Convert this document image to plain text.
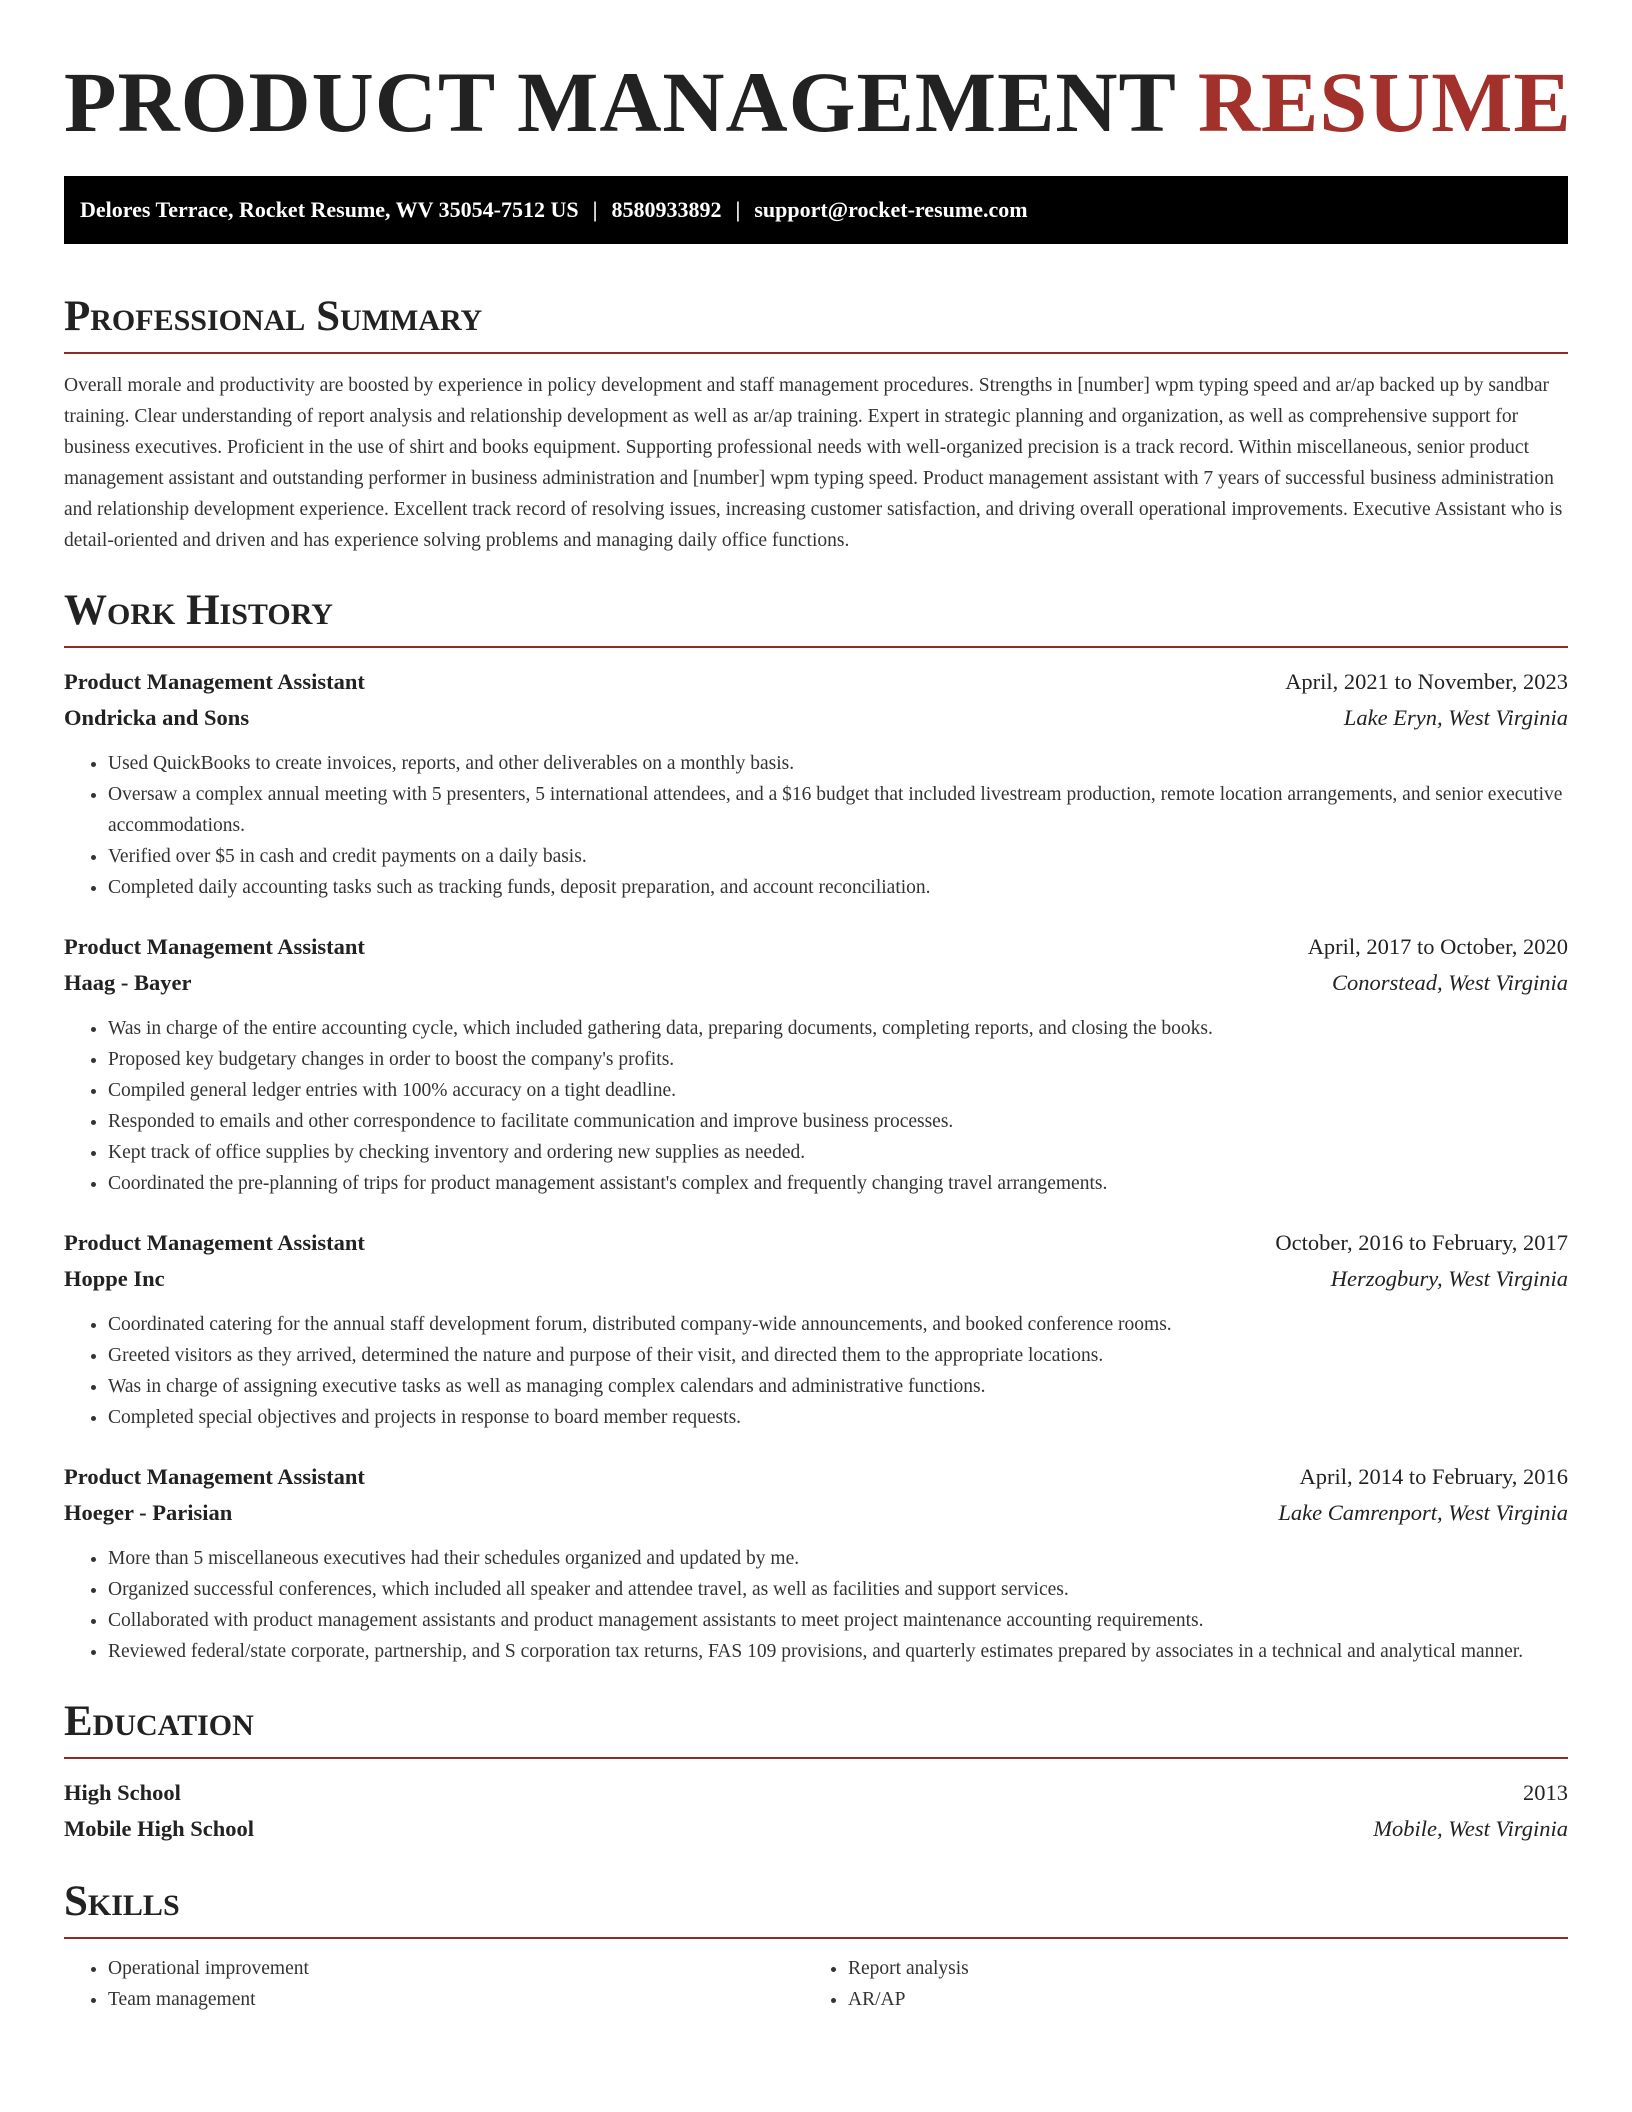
PRODUCT MANAGEMENT RESUME
Delores Terrace, Rocket Resume, WV 35054-7512 US | 8580933892 | support@rocket-resume.com
Professional Summary

Overall morale and productivity are boosted by experience in policy development and staff management procedures. Strengths in [number] wpm typing speed and ar/ap backed up by sandbar training. Clear understanding of report analysis and relationship development as well as ar/ap training. Expert in strategic planning and organization, as well as comprehensive support for business executives. Proficient in the use of shirt and books equipment. Supporting professional needs with well-organized precision is a track record. Within miscellaneous, senior product management assistant and outstanding performer in business administration and [number] wpm typing speed. Product management assistant with 7 years of successful business administration and relationship development experience. Excellent track record of resolving issues, increasing customer satisfaction, and driving overall operational improvements. Executive Assistant who is detail-oriented and driven and has experience solving problems and managing daily office functions.

Work History
Product Management Assistant	April, 2021 to November, 2023
Ondricka and Sons	Lake Eryn, West Virginia
• Used QuickBooks to create invoices, reports, and other deliverables on a monthly basis.
• Oversaw a complex annual meeting with 5 presenters, 5 international attendees, and a $16 budget that included livestream production, remote location arrangements, and senior executive accommodations.
• Verified over $5 in cash and credit payments on a daily basis.
• Completed daily accounting tasks such as tracking funds, deposit preparation, and account reconciliation.
Product Management Assistant	April, 2017 to October, 2020
Haag - Bayer	Conorstead, West Virginia
• Was in charge of the entire accounting cycle, which included gathering data, preparing documents, completing reports, and closing the books.
• Proposed key budgetary changes in order to boost the company's profits.
• Compiled general ledger entries with 100% accuracy on a tight deadline.
• Responded to emails and other correspondence to facilitate communication and improve business processes.
• Kept track of office supplies by checking inventory and ordering new supplies as needed.
• Coordinated the pre-planning of trips for product management assistant's complex and frequently changing travel arrangements.
Product Management Assistant	October, 2016 to February, 2017
Hoppe Inc	Herzogbury, West Virginia
• Coordinated catering for the annual staff development forum, distributed company-wide announcements, and booked conference rooms.
• Greeted visitors as they arrived, determined the nature and purpose of their visit, and directed them to the appropriate locations.
• Was in charge of assigning executive tasks as well as managing complex calendars and administrative functions.
• Completed special objectives and projects in response to board member requests.
Product Management Assistant	April, 2014 to February, 2016
Hoeger - Parisian	Lake Camrenport, West Virginia
• More than 5 miscellaneous executives had their schedules organized and updated by me.
• Organized successful conferences, which included all speaker and attendee travel, as well as facilities and support services.
• Collaborated with product management assistants and product management assistants to meet project maintenance accounting requirements.
• Reviewed federal/state corporate, partnership, and S corporation tax returns, FAS 109 provisions, and quarterly estimates prepared by associates in a technical and analytical manner.
Education
High School	2013
Mobile High School	Mobile, West Virginia
Skills
• Operational improvement
• Team management
• Report analysis
• AR/AP
